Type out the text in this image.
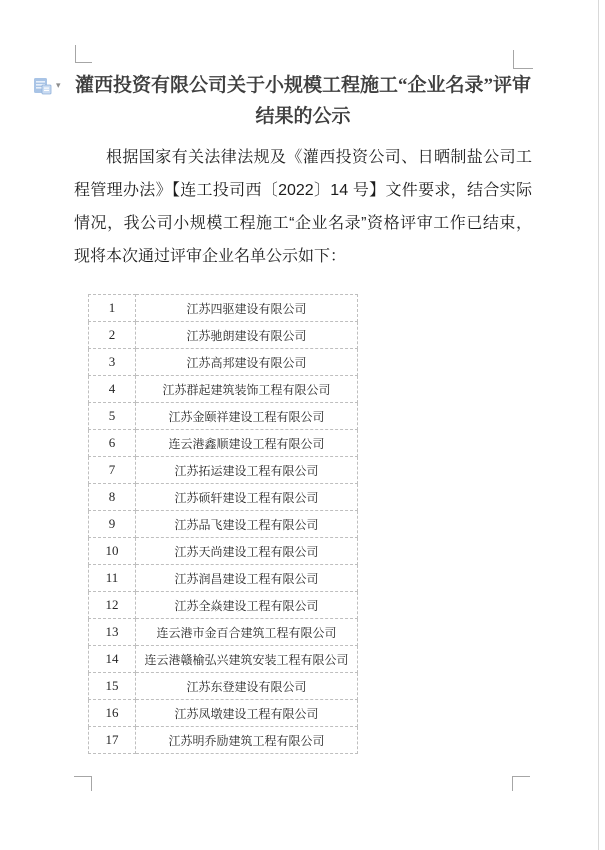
▾ 灌西投资有限公司关于小规模工程施工“企业名录”评审结果的公示
根据国家有关法律法规及《灌西投资公司、日晒制盐公司工程管理办法》【连工投司西〔2022〕14 号】文件要求，结合实际情况，我公司小规模工程施工“企业名录”资格评审工作已结束，现将本次通过评审企业名单公示如下：
1	江苏四驱建设有限公司
2	江苏驰朗建设有限公司
3	江苏高邦建设有限公司
4	江苏群起建筑装饰工程有限公司
5	江苏金颐祥建设工程有限公司
6	连云港鑫顺建设工程有限公司
7	江苏拓运建设工程有限公司
8	江苏硕轩建设工程有限公司
9	江苏品飞建设工程有限公司
10	江苏天尚建设工程有限公司
11	江苏润昌建设工程有限公司
12	江苏全焱建设工程有限公司
13	连云港市金百合建筑工程有限公司
14	连云港赣榆弘兴建筑安装工程有限公司
15	江苏东登建设有限公司
16	江苏凤墩建设工程有限公司
17	江苏明乔励建筑工程有限公司
